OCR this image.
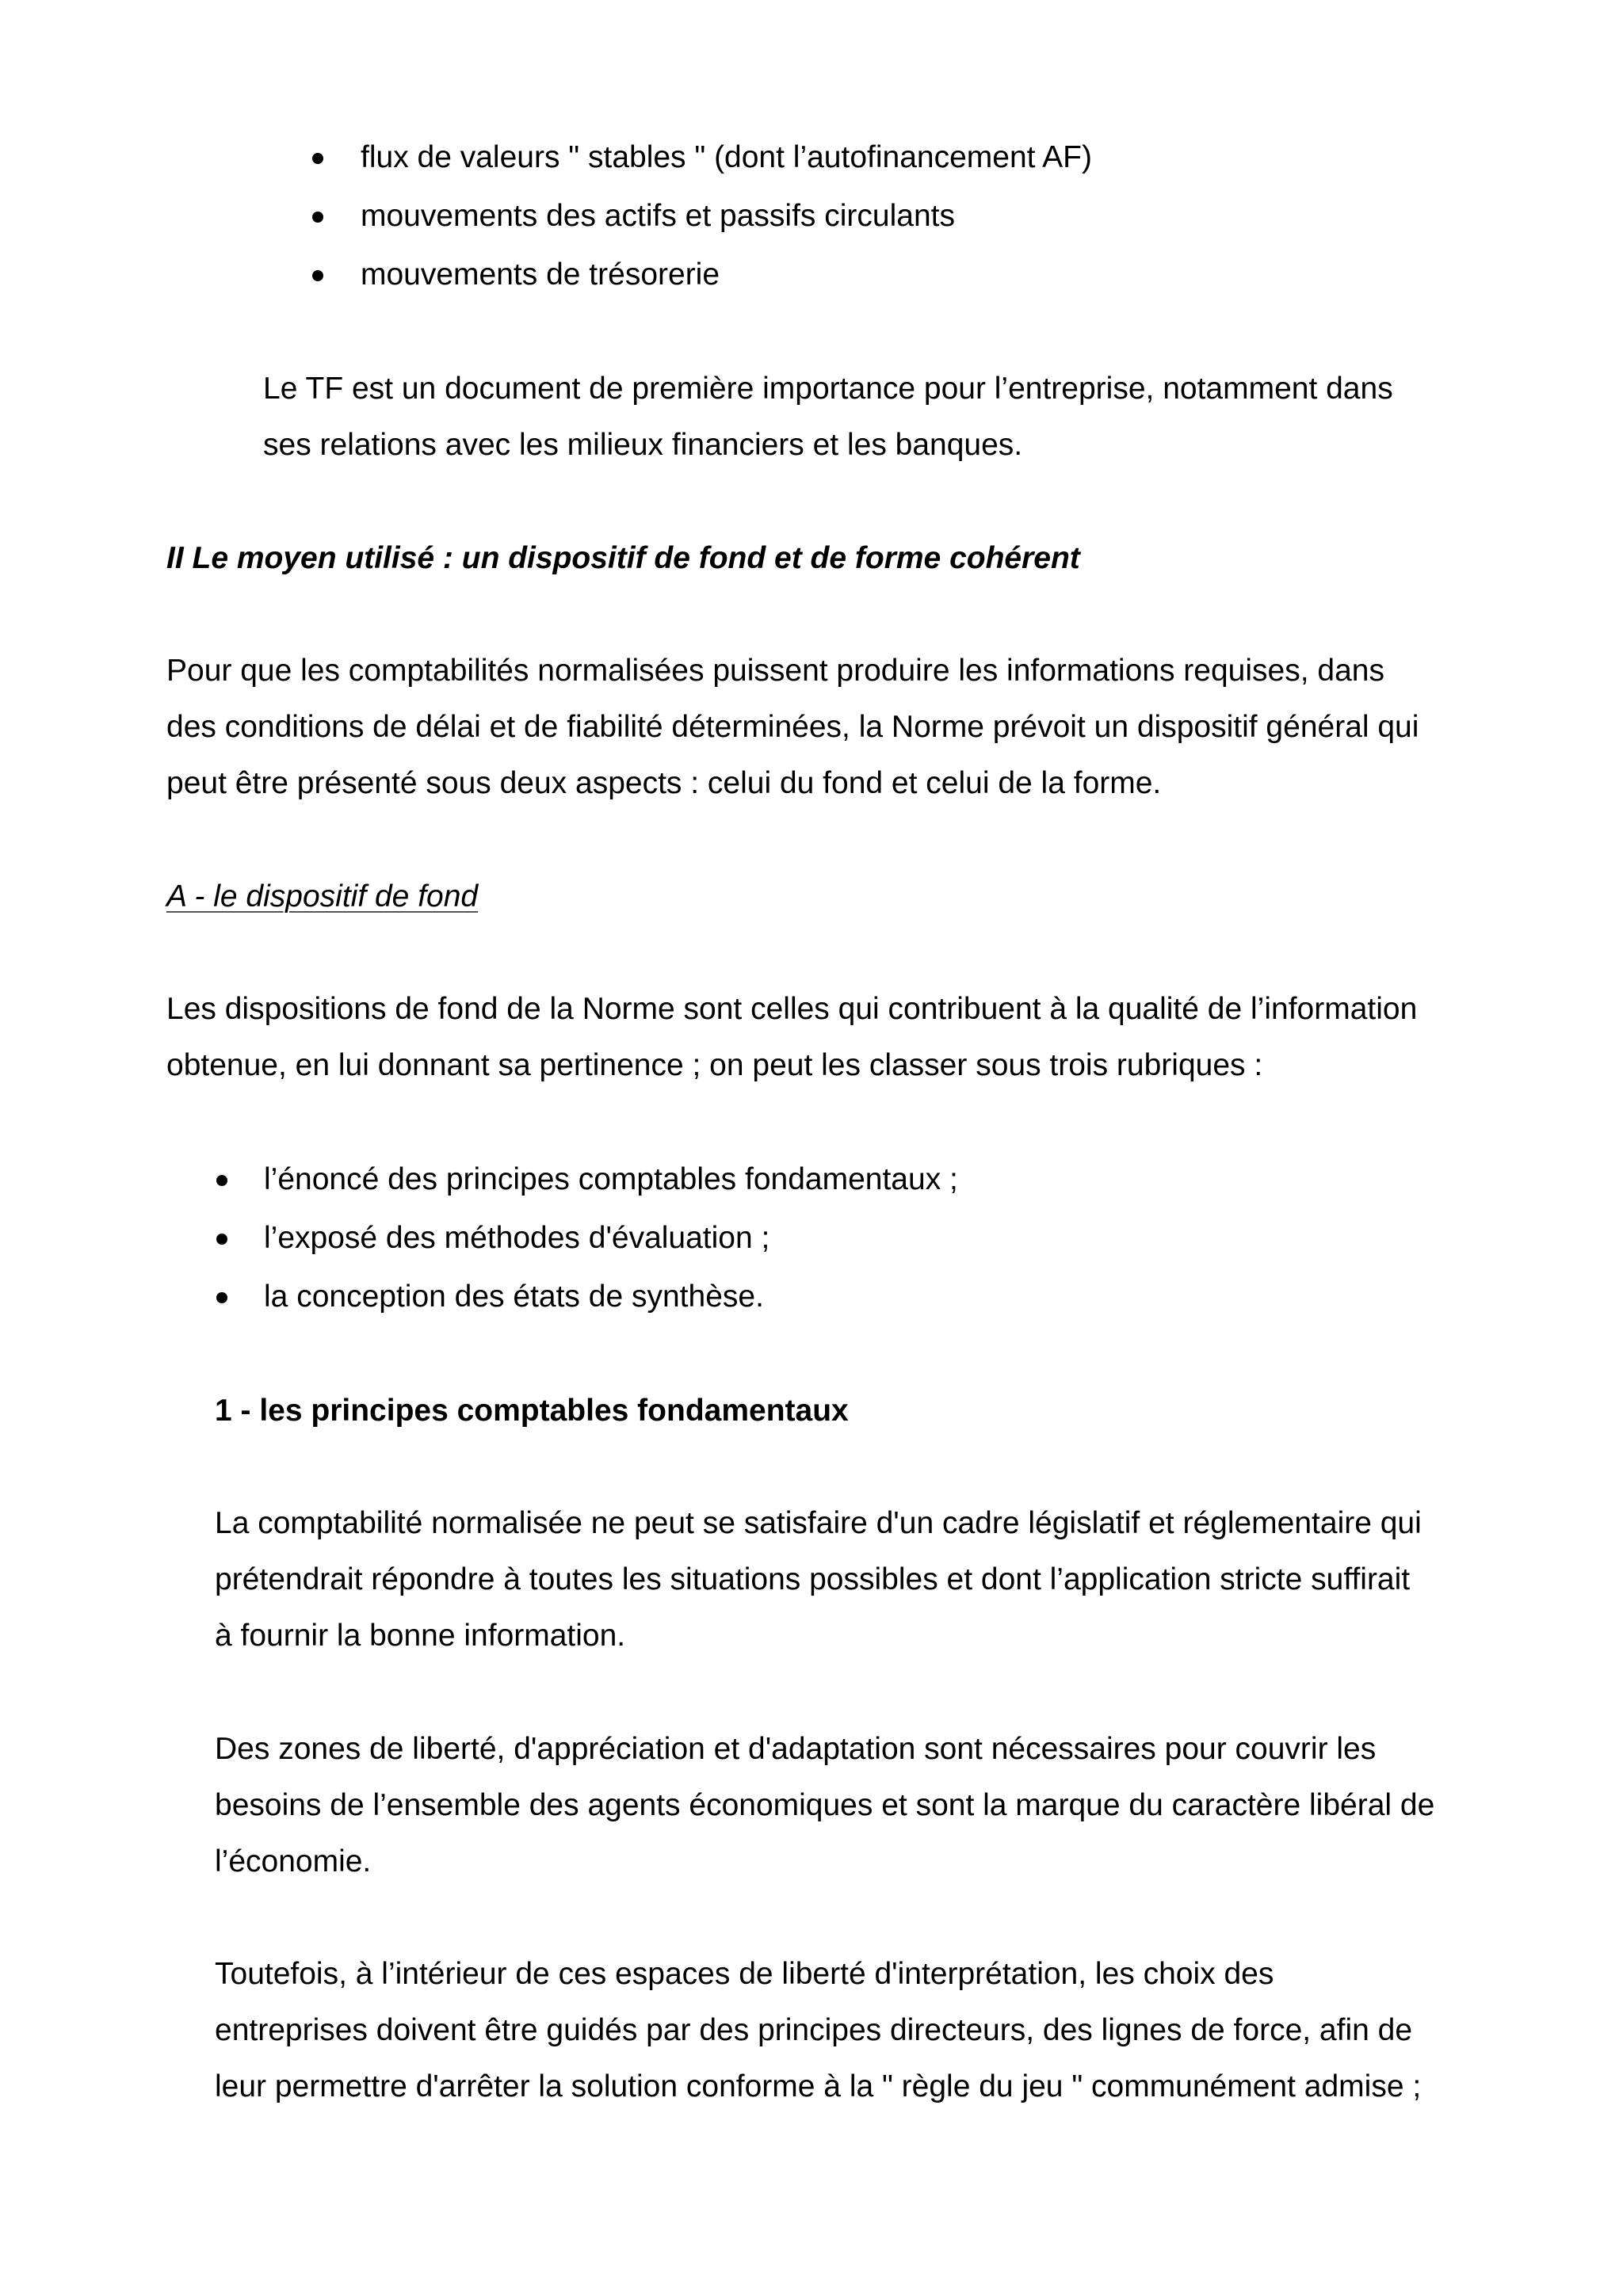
flux de valeurs " stables " (dont l’autofinancement AF)

mouvements des actifs et passifs circulants

mouvements de trésorerie

Le TF est un document de première importance pour l’entreprise, notamment dans

ses relations avec les milieux financiers et les banques.

II Le moyen utilisé : un dispositif de fond et de forme cohérent

Pour que les comptabilités normalisées puissent produire les informations requises, dans

des conditions de délai et de fiabilité déterminées, la Norme prévoit un dispositif général qui

peut être présenté sous deux aspects : celui du fond et celui de la forme.

A - le dispositif de fond

Les dispositions de fond de la Norme sont celles qui contribuent à la qualité de l’information

obtenue, en lui donnant sa pertinence ; on peut les classer sous trois rubriques :

l’énoncé des principes comptables fondamentaux ;

l’exposé des méthodes d'évaluation ;

la conception des états de synthèse.

1 - les principes comptables fondamentaux

La comptabilité normalisée ne peut se satisfaire d'un cadre législatif et réglementaire qui

prétendrait répondre à toutes les situations possibles et dont l’application stricte suffirait

à fournir la bonne information.

Des zones de liberté, d'appréciation et d'adaptation sont nécessaires pour couvrir les

besoins de l’ensemble des agents économiques et sont la marque du caractère libéral de

l’économie.

Toutefois, à l’intérieur de ces espaces de liberté d'interprétation, les choix des

entreprises doivent être guidés par des principes directeurs, des lignes de force, afin de

leur permettre d'arrêter la solution conforme à la " règle du jeu " communément admise ;
